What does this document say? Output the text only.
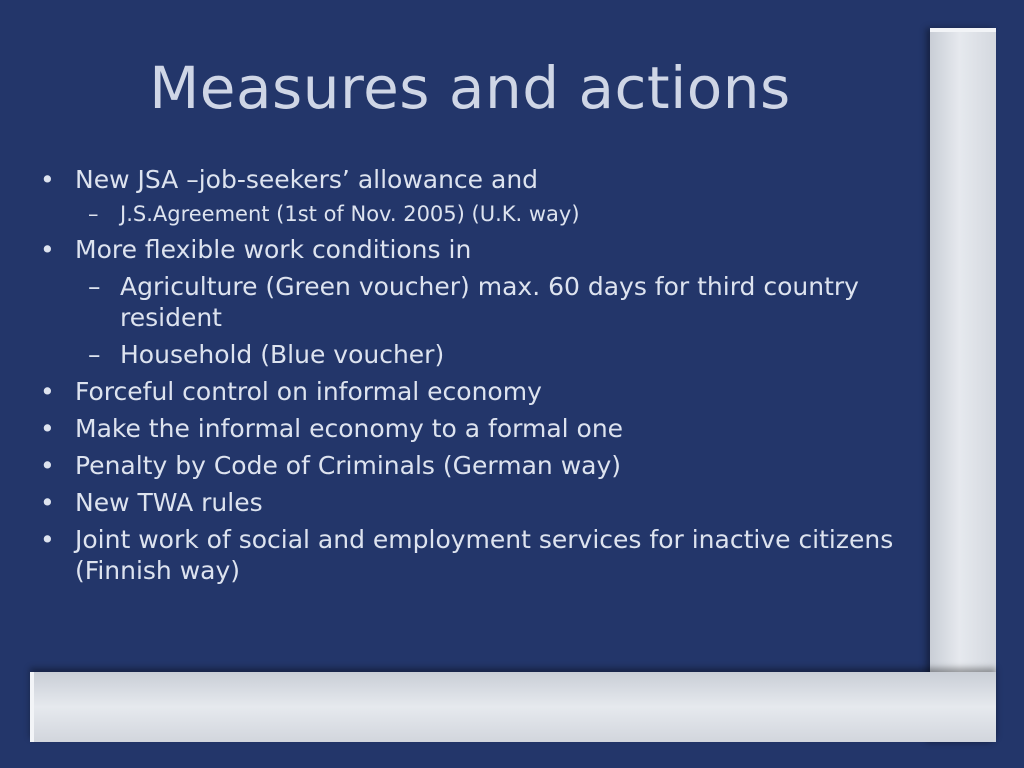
Measures and actions
• New JSA –job-seekers’ allowance and
– J.S.Agreement (1st of Nov. 2005) (U.K. way)
• More flexible work conditions in
– Agriculture (Green voucher) max. 60 days for third country resident
– Household (Blue voucher)
• Forceful control on informal economy
• Make the informal economy to a formal one
• Penalty by Code of Criminals (German way)
• New TWA rules
• Joint work of social and employment services for inactive citizens (Finnish way)
